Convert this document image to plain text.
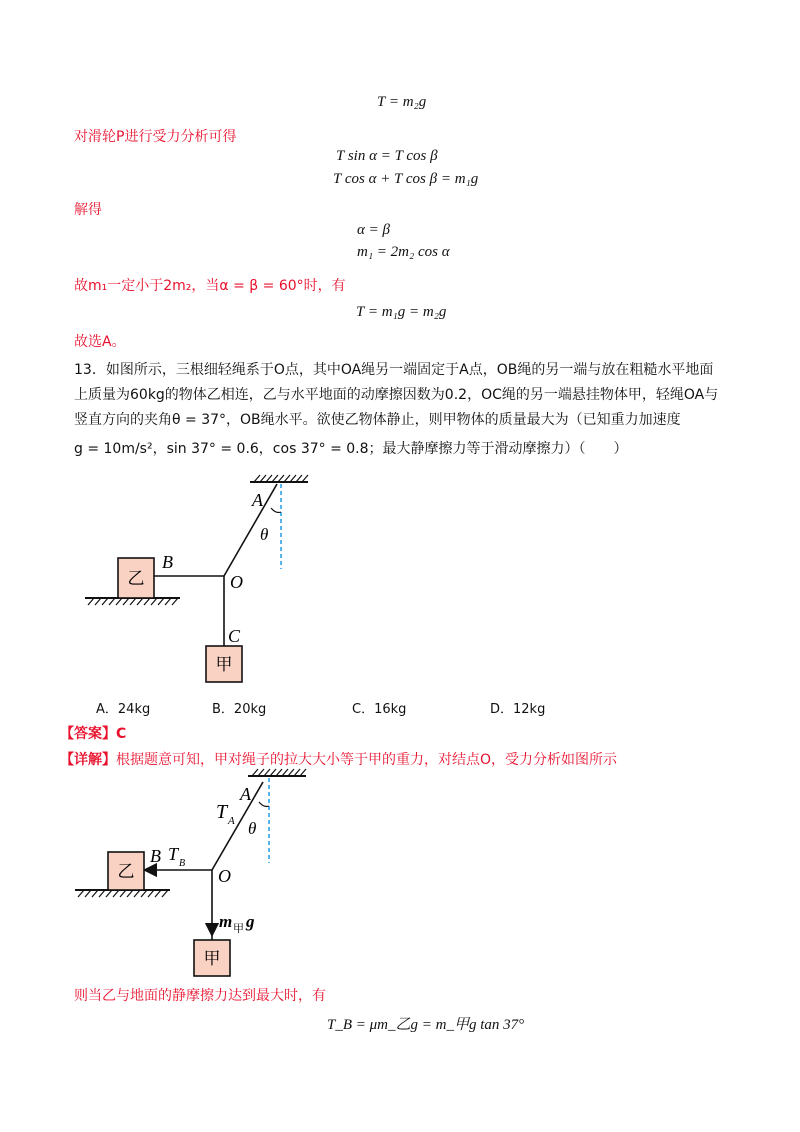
T = m₂g
对滑轮P进行受力分析可得
T sin α = T cos β
T cos α + T cos β = m₁g
解得
α = β
m₁ = 2m₂ cos α
故m₁一定小于2m₂，当α = β = 60°时，有
T = m₁g = m₂g
故选A。
13．如图所示，三根细轻绳系于O点，其中OA绳另一端固定于A点，OB绳的另一端与放在粗糙水平地面
上质量为60kg的物体乙相连，乙与水平地面的动摩擦因数为0.2，OC绳的另一端悬挂物体甲，轻绳OA与
竖直方向的夹角θ = 37°，OB绳水平。欲使乙物体静止，则甲物体的质量最大为（已知重力加速度
g = 10m/s²，sin 37° = 0.6，cos 37° = 0.8；最大静摩擦力等于滑动摩擦力）（　　）
乙
甲
A
θ
B
O
C
A．24kg	B．20kg	C．16kg	D．12kg
【答案】C
【详解】根据题意可知，甲对绳子的拉大大小等于甲的重力，对结点O，受力分析如图所示
乙
甲
A
T A θ
B T B
O
m 甲 g
则当乙与地面的静摩擦力达到最大时，有
T_B = μm_乙g = m_甲g tan 37°
